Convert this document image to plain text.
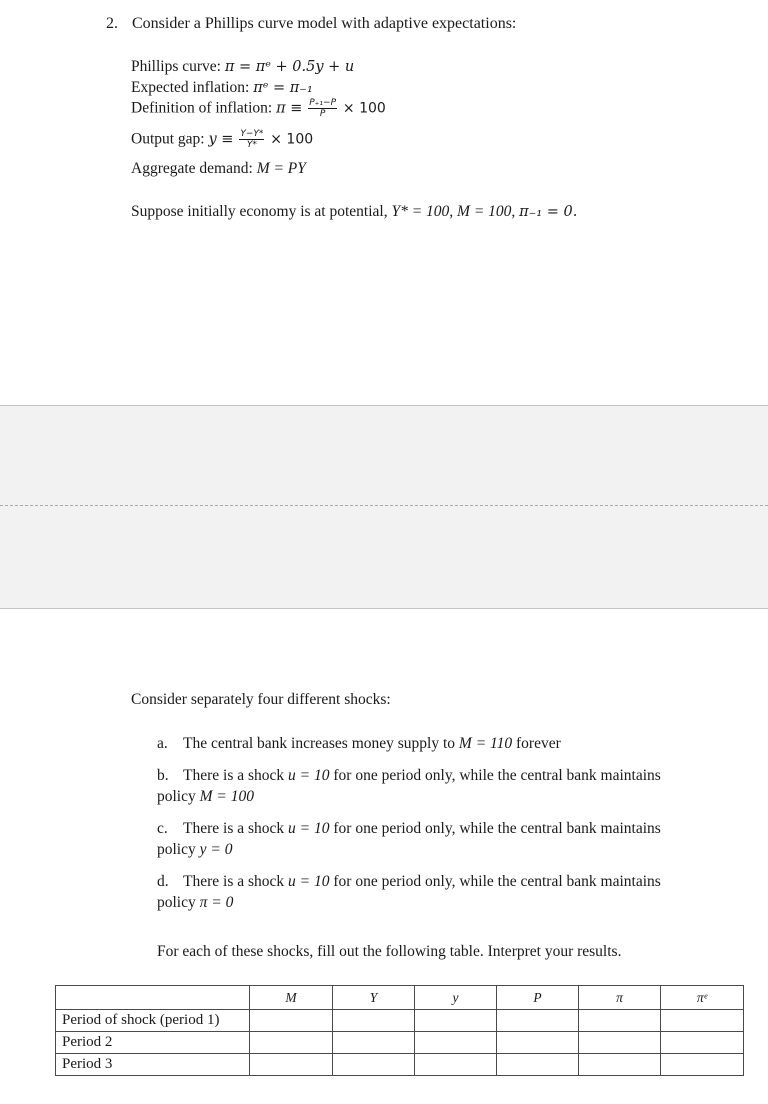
2. Consider a Phillips curve model with adaptive expectations:
Phillips curve: π = πᵉ + 0.5y + u
Expected inflation: πᵉ = π₋₁
Definition of inflation: $\pi \equiv \frac{\text{P₊₁−P}}{P} \times 100$
Output gap: $y \equiv \frac{Y-Y*}{Y*} \times 100$
Aggregate demand: M = PY
Suppose initially economy is at potential, Y* = 100, M = 100, π₋₁ = 0.
Consider separately four different shocks:
a. The central bank increases money supply to M = 110 forever
b. There is a shock u = 10 for one period only, while the central bank maintains
policy M = 100
c. There is a shock u = 10 for one period only, while the central bank maintains
policy y = 0
d. There is a shock u = 10 for one period only, while the central bank maintains
policy π = 0
For each of these shocks, fill out the following table. Interpret your results.
	M	Y	y	P	π	πᵉ
Period of shock (period 1)						
Period 2						
Period 3						
